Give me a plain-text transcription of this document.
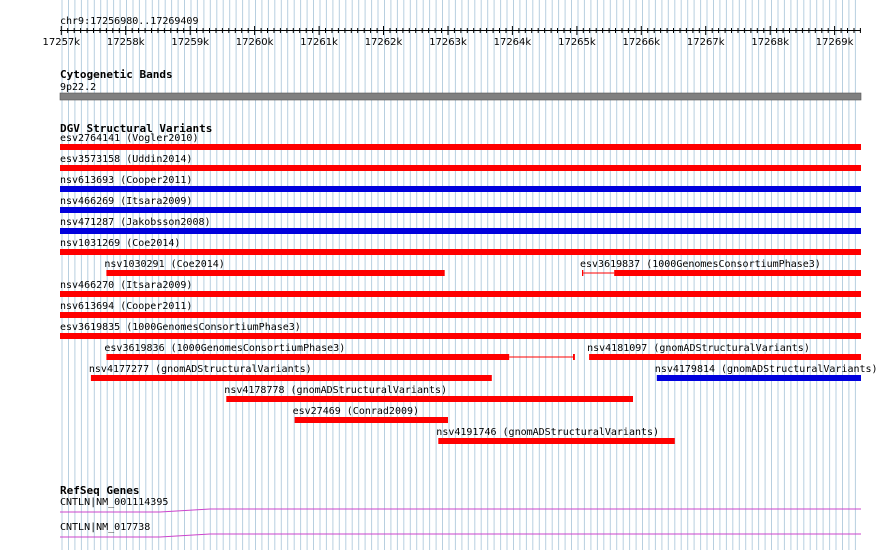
chr9:17256980..17269409
17257k	17258k	17259k	17260k	17261k	17262k	17263k	17264k	17265k	17266k	17267k	17268k	17269k
Cytogenetic Bands
9p22.2
DGV Structural Variants
esv2764141 (Vogler2010)
esv3573158 (Uddin2014)
nsv613693 (Cooper2011)
nsv466269 (Itsara2009)
nsv471287 (Jakobsson2008)
nsv1031269 (Coe2014)
nsv1030291 (Coe2014)	esv3619837 (1000GenomesConsortiumPhase3)
nsv466270 (Itsara2009)
nsv613694 (Cooper2011)
esv3619835 (1000GenomesConsortiumPhase3)
esv3619836 (1000GenomesConsortiumPhase3)	nsv4181097 (gnomADStructuralVariants)
nsv4177277 (gnomADStructuralVariants)	nsv4179814 (gnomADStructuralVariants)
nsv4178778 (gnomADStructuralVariants)
esv27469 (Conrad2009)
nsv4191746 (gnomADStructuralVariants)
RefSeq Genes
CNTLN|NM_001114395
CNTLN|NM_017738
